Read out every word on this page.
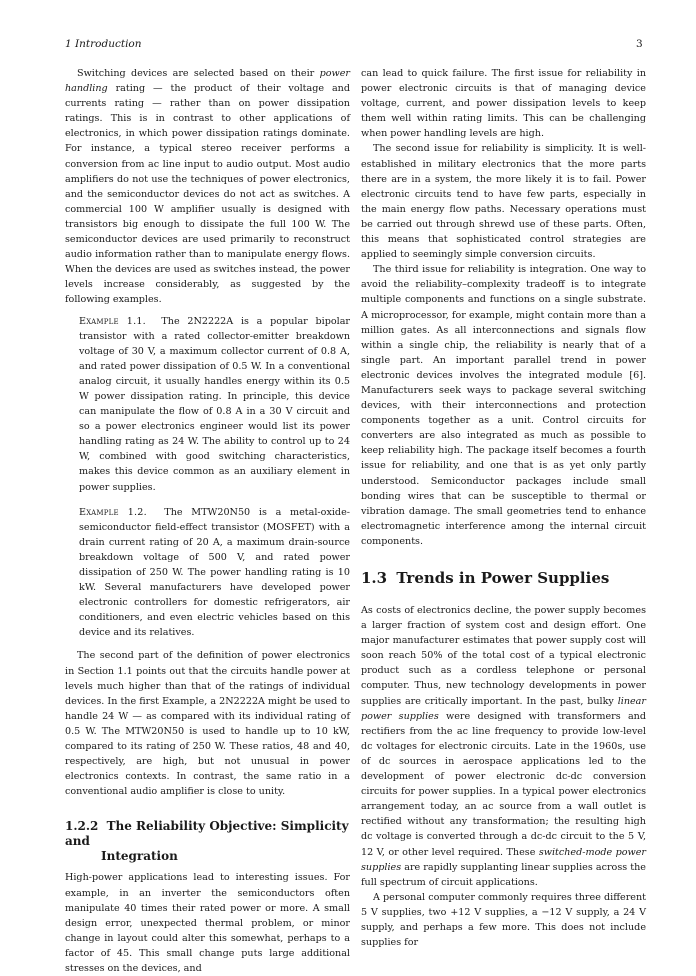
1 Introduction	3

Switching devices are selected based on their power handling rating — the product of their voltage and currents rating — rather than on power dissipation ratings. This is in contrast to other applications of electronics, in which power dissipation ratings dominate. For instance, a typical stereo receiver performs a conversion from ac line input to audio output. Most audio amplifiers do not use the techniques of power electronics, and the semiconductor devices do not act as switches. A commercial 100 W amplifier usually is designed with transistors big enough to dissipate the full 100 W. The semiconductor devices are used primarily to reconstruct audio information rather than to manipulate energy flows. When the devices are used as switches instead, the power levels increase considerably, as suggested by the following examples.

Example 1.1. The 2N2222A is a popular bipolar transistor with a rated collector-emitter breakdown voltage of 30 V, a maximum collector current of 0.8 A, and rated power dissipation of 0.5 W. In a conventional analog circuit, it usually handles energy within its 0.5 W power dissipation rating. In principle, this device can manipulate the flow of 0.8 A in a 30 V circuit and so a power electronics engineer would list its power handling rating as 24 W. The ability to control up to 24 W, combined with good switching characteristics, makes this device common as an auxiliary element in power supplies.

Example 1.2. The MTW20N50 is a metal-oxide-semiconductor field-effect transistor (MOSFET) with a drain current rating of 20 A, a maximum drain-source breakdown voltage of 500 V, and rated power dissipation of 250 W. The power handling rating is 10 kW. Several manufacturers have developed power electronic controllers for domestic refrigerators, air conditioners, and even electric vehicles based on this device and its relatives.

The second part of the definition of power electronics in Section 1.1 points out that the circuits handle power at levels much higher than that of the ratings of individual devices. In the first Example, a 2N2222A might be used to handle 24 W — as compared with its individual rating of 0.5 W. The MTW20N50 is used to handle up to 10 kW, compared to its rating of 250 W. These ratios, 48 and 40, respectively, are high, but not unusual in power electronics contexts. In contrast, the same ratio in a conventional audio amplifier is close to unity.

1.2.2 The Reliability Objective: Simplicity and
Integration

High-power applications lead to interesting issues. For example, in an inverter the semiconductors often manipulate 40 times their rated power or more. A small design error, unexpected thermal problem, or minor change in layout could alter this somewhat, perhaps to a factor of 45. This small change puts large additional stresses on the devices, and

can lead to quick failure. The first issue for reliability in power electronic circuits is that of managing device voltage, current, and power dissipation levels to keep them well within rating limits. This can be challenging when power handling levels are high.

The second issue for reliability is simplicity. It is well-established in military electronics that the more parts there are in a system, the more likely it is to fail. Power electronic circuits tend to have few parts, especially in the main energy flow paths. Necessary operations must be carried out through shrewd use of these parts. Often, this means that sophisticated control strategies are applied to seemingly simple conversion circuits.

The third issue for reliability is integration. One way to avoid the reliability–complexity tradeoff is to integrate multiple components and functions on a single substrate. A microprocessor, for example, might contain more than a million gates. As all interconnections and signals flow within a single chip, the reliability is nearly that of a single part. An important parallel trend in power electronic devices involves the integrated module [6]. Manufacturers seek ways to package several switching devices, with their interconnections and protection components together as a unit. Control circuits for converters are also integrated as much as possible to keep reliability high. The package itself becomes a fourth issue for reliability, and one that is as yet only partly understood. Semiconductor packages include small bonding wires that can be susceptible to thermal or vibration damage. The small geometries tend to enhance electromagnetic interference among the internal circuit components.

1.3 Trends in Power Supplies

As costs of electronics decline, the power supply becomes a larger fraction of system cost and design effort. One major manufacturer estimates that power supply cost will soon reach 50% of the total cost of a typical electronic product such as a cordless telephone or personal computer. Thus, new technology developments in power supplies are critically important. In the past, bulky linear power supplies were designed with transformers and rectifiers from the ac line frequency to provide low-level dc voltages for electronic circuits. Late in the 1960s, use of dc sources in aerospace applications led to the development of power electronic dc-dc conversion circuits for power supplies. In a typical power electronics arrangement today, an ac source from a wall outlet is rectified without any transformation; the resulting high dc voltage is converted through a dc-dc circuit to the 5 V, 12 V, or other level required. These switched-mode power supplies are rapidly supplanting linear supplies across the full spectrum of circuit applications.

A personal computer commonly requires three different 5 V supplies, two +12 V supplies, a −12 V supply, a 24 V supply, and perhaps a few more. This does not include supplies for
